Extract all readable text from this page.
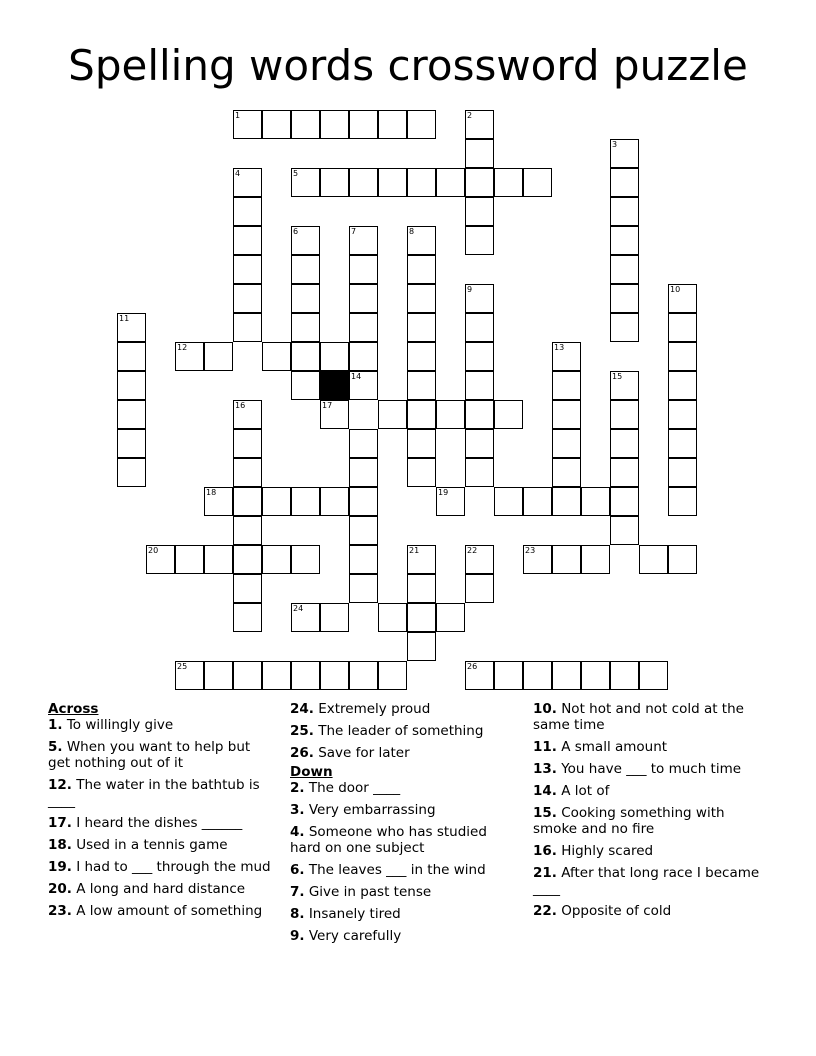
Spelling words crossword puzzle
1	2
3
4	5
6	7	8
9	10
11
12	13
14	15
16	17
18	19
20	21	22	23
24
25	26
Across
1. To willingly give
5. When you want to help but get nothing out of it
12. The water in the bathtub is ____
17. I heard the dishes ______
18. Used in a tennis game
19. I had to ___ through the mud
20. A long and hard distance
23. A low amount of something
24. Extremely proud
25. The leader of something
26. Save for later
Down
2. The door ____
3. Very embarrassing
4. Someone who has studied hard on one subject
6. The leaves ___ in the wind
7. Give in past tense
8. Insanely tired
9. Very carefully
10. Not hot and not cold at the same time
11. A small amount
13. You have ___ to much time
14. A lot of
15. Cooking something with smoke and no fire
16. Highly scared
21. After that long race I became ____
22. Opposite of cold
